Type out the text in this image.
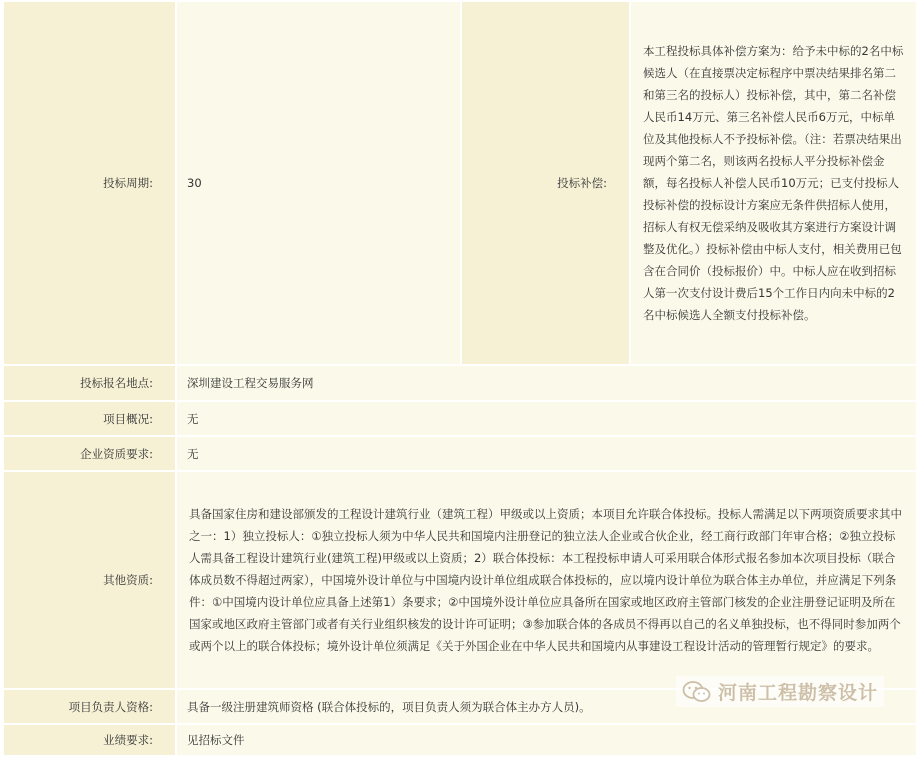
投标周期:	30	投标补偿:	本工程投标具体补偿方案为：给予未中标的2名中标候选人（在直接票决定标程序中票决结果排名第二和第三名的投标人）投标补偿，其中，第二名补偿人民币14万元、第三名补偿人民币6万元，中标单位及其他投标人不予投标补偿。（注：若票决结果出现两个第二名，则该两名投标人平分投标补偿金额，每名投标人补偿人民币10万元；已支付投标人投标补偿的投标设计方案应无条件供招标人使用，招标人有权无偿采纳及吸收其方案进行方案设计调整及优化。）投标补偿由中标人支付，相关费用已包含在合同价（投标报价）中。中标人应在收到招标人第一次支付设计费后15个工作日内向未中标的2名中标候选人全额支付投标补偿。
投标报名地点:	深圳建设工程交易服务网		
项目概况:	无		
企业资质要求:	无		
其他资质:	具备国家住房和建设部颁发的工程设计建筑行业（建筑工程）甲级或以上资质；本项目允许联合体投标。投标人需满足以下两项资质要求其中之一：1）独立投标人：①独立投标人须为中华人民共和国境内注册登记的独立法人企业或合伙企业，经工商行政部门年审合格；②独立投标人需具备工程设计建筑行业(建筑工程)甲级或以上资质；2）联合体投标：本工程投标申请人可采用联合体形式报名参加本次项目投标（联合体成员数不得超过两家），中国境外设计单位与中国境内设计单位组成联合体投标的，应以境内设计单位为联合体主办单位，并应满足下列条件：①中国境内设计单位应具备上述第1）条要求；②中国境外设计单位应具备所在国家或地区政府主管部门核发的企业注册登记证明及所在国家或地区政府主管部门或者有关行业组织核发的设计许可证明；③参加联合体的各成员不得再以自己的名义单独投标，也不得同时参加两个或两个以上的联合体投标；境外设计单位须满足《关于外国企业在中华人民共和国境内从事建设工程设计活动的管理暂行规定》的要求。		
项目负责人资格:	具备一级注册建筑师资格 (联合体投标的，项目负责人须为联合体主办方人员)。		
业绩要求:	见招标文件		
河南工程勘察设计
